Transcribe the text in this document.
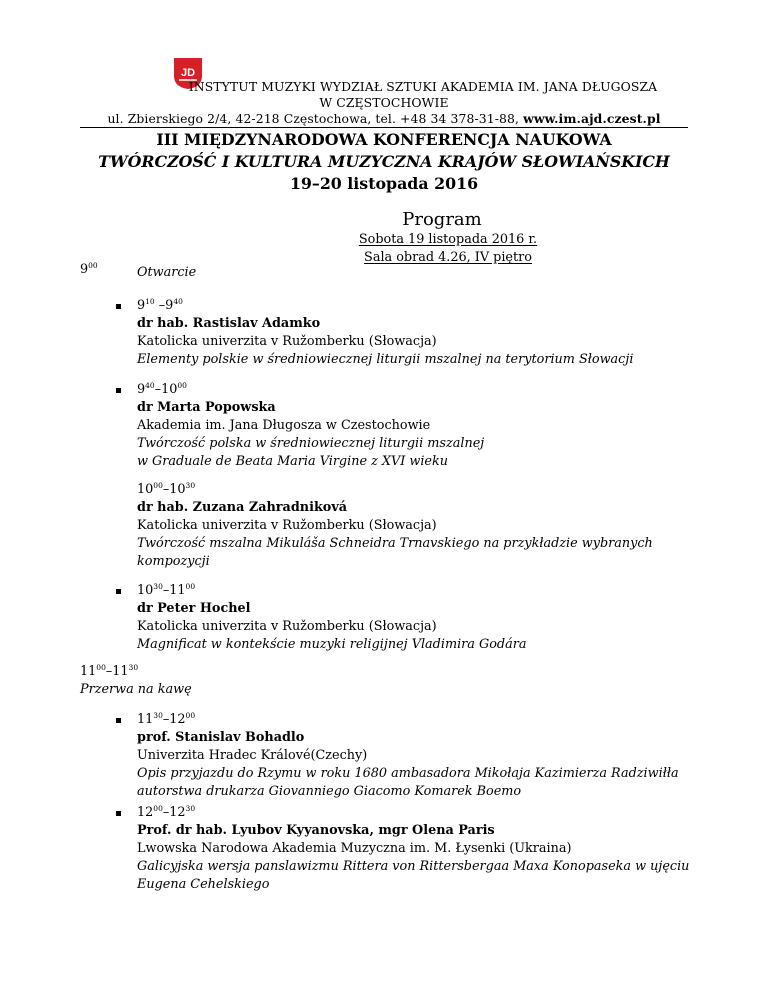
JD
INSTYTUT MUZYKI WYDZIAŁ SZTUKI AKADEMIA IM. JANA DŁUGOSZA
W CZĘSTOCHOWIE
ul. Zbierskiego 2/4, 42-218 Częstochowa, tel. +48 34 378-31-88, www.im.ajd.czest.pl
III MIĘDZYNARODOWA KONFERENCJA NAUKOWA
TWÓRCZOŚĆ I KULTURA MUZYCZNA KRAJÓW SŁOWIAŃSKICH
19–20 listopada 2016
Program
Sobota 19 listopada 2016 r.
Sala obrad 4.26, IV piętro
$9^{00}$	Otwarcie
$9^{10}$ $-9^{40}$
dr hab. Rastislav Adamko
Katolicka univerzita v Ružomberku (Słowacja)
Elementy polskie w średniowiecznej liturgii mszalnej na terytorium Słowacji
$9^{40}-10^{00}$
dr Marta Popowska
Akademia im. Jana Długosza w Czestochowie
Twórczość polska w średniowiecznej liturgii mszalnej
w Graduale de Beata Maria Virgine z XVI wieku
$10^{00}-10^{30}$
dr hab. Zuzana Zahradniková
Katolicka univerzita v Ružomberku (Słowacja)
Twórczość mszalna Mikuláša Schneidra Trnavskiego na przykładzie wybranych
kompozycji
$10^{30}-11^{00}$
dr Peter Hochel
Katolicka univerzita v Ružomberku (Słowacja)
Magnificat w kontekście muzyki religijnej Vladimira Godára
$11^{00}-11^{30}$
Przerwa na kawę
$11^{30}-12^{00}$
prof. Stanislav Bohadlo
Univerzita Hradec Králové(Czechy)
Opis przyjazdu do Rzymu w roku 1680 ambasadora Mikołaja Kazimierza Radziwiłła
autorstwa drukarza Giovanniego Giacomo Komarek Boemo
$12^{00}-12^{30}$
Prof. dr hab. Lyubov Kyyanovska, mgr Olena Paris
Lwowska Narodowa Akademia Muzyczna im. M. Łysenki (Ukraina)
Galicyjska wersja panslawizmu Rittera von Rittersbergaa Maxa Konopaseka w ujęciu
Eugena Cehelskiego
